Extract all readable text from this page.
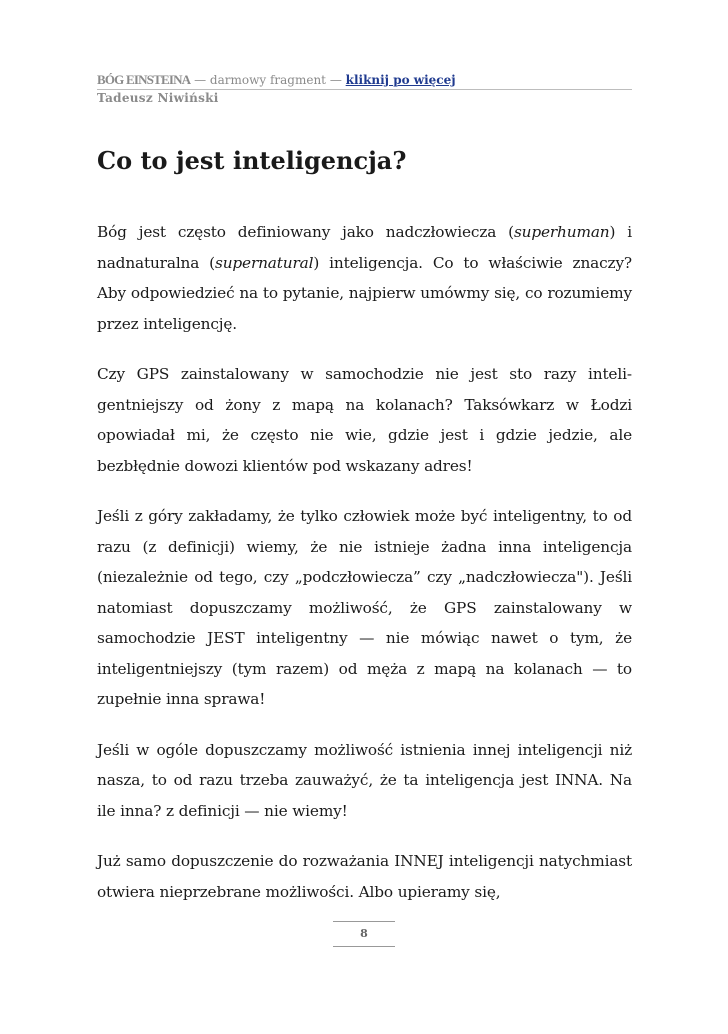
BÓG EINSTEINA — darmowy fragment — kliknij po więcej
Tadeusz Niwiński
Co to jest inteligencja?

Bóg jest często definiowany jako nadczłowiecza (superhuman) i nadnaturalna (supernatural) inteligencja. Co to właściwie znaczy? Aby odpowiedzieć na to pytanie, najpierw umówmy się, co rozumiemy przez inteligencję.

Czy GPS zainstalowany w samochodzie nie jest sto razy inteligentniejszy od żony z mapą na kolanach? Taksówkarz w Łodzi opowiadał mi, że często nie wie, gdzie jest i gdzie jedzie, ale bezbłędnie dowozi klientów pod wskazany adres!

Jeśli z góry zakładamy, że tylko człowiek może być inteligentny, to od razu (z definicji) wiemy, że nie istnieje żadna inna inteligencja (niezależnie od tego, czy „podczłowiecza” czy „nadczłowiecza"). Jeśli natomiast dopuszczamy możliwość, że GPS zainstalowany w samochodzie JEST inteligentny — nie mówiąc nawet o tym, że inteligentniejszy (tym razem) od męża z mapą na kolanach — to zupełnie inna sprawa!

Jeśli w ogóle dopuszczamy możliwość istnienia innej inteligencji niż nasza, to od razu trzeba zauważyć, że ta inteligencja jest INNA. Na ile inna? z definicji — nie wiemy!

Już samo dopuszczenie do rozważania INNEJ inteligencji natychmiast otwiera nieprzebrane możliwości. Albo upieramy się,

8
